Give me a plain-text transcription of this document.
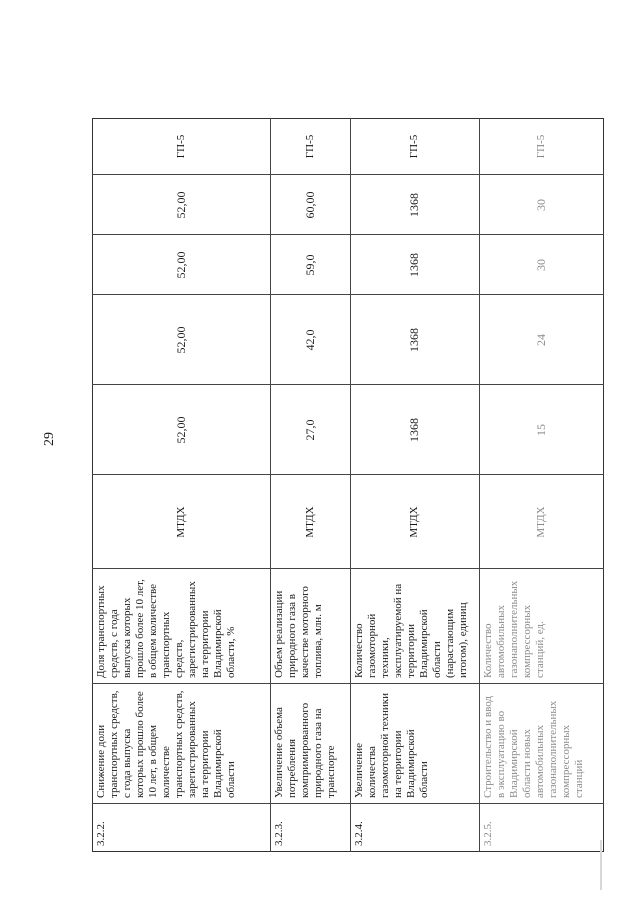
29
3.2.2.
Снижение доли транспортных средств, с года выпуска которых прошло более 10 лет, в общем количестве транспортных средств, зарегистрированных на территории Владимирской области
Доля транспортных средств, с года выпуска которых прошло более 10 лет, в общем количестве транспортных средств, зарегистрированных на территории Владимирской области, %
МТДХ
52,00
52,00
52,00
52,00
ГП-5
3.2.3.
Увеличение объема потребления компримированного природного газа на транспорте
Объем реализации природного газа в качестве моторного топлива, млн. м
МТДХ
27,0
42,0
59,0
60,00
ГП-5
3.2.4.
Увеличение количества газомоторной техники на территории Владимирской области
Количество газомоторной техники, эксплуатируемой на территории Владимирской области (нарастающим итогом), единиц
МТДХ
1368
1368
1368
1368
ГП-5
3.2.5.
Строительство и ввод в эксплуатацию во Владимирской области новых автомобильных газонаполнительных компрессорных станций
Количество автомобильных газонаполнительных компрессорных станций, ед.
МТДХ
15
24
30
30
ГП-5
